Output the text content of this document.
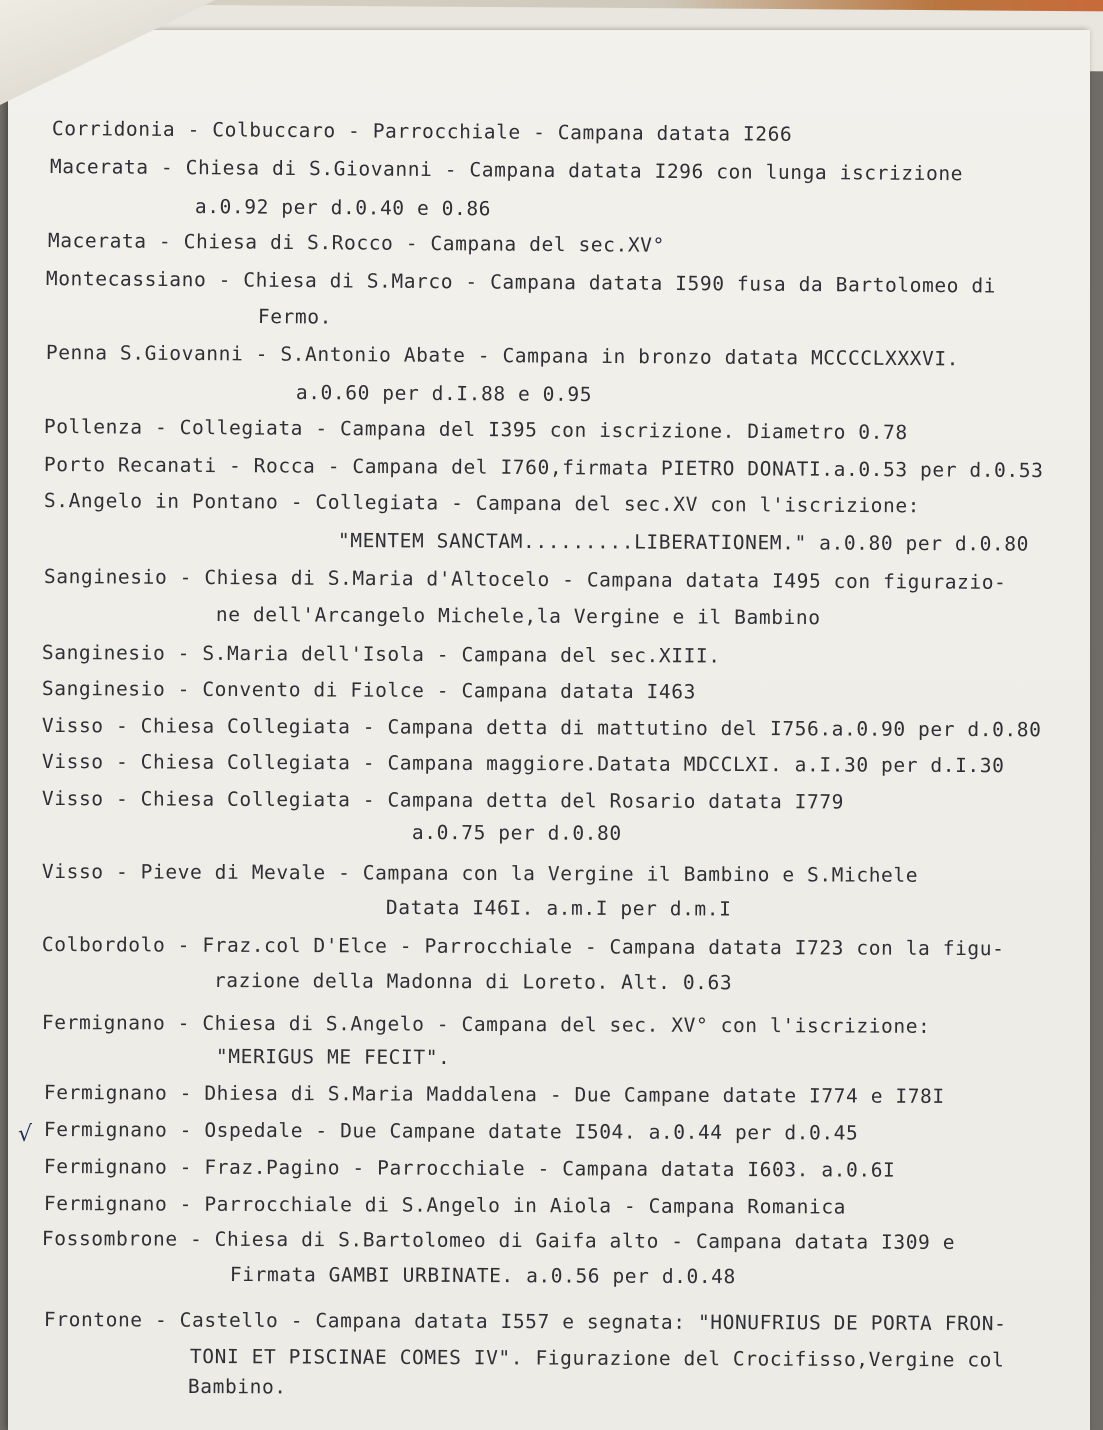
Corridonia - Colbuccaro - Parrocchiale - Campana datata I266
Macerata - Chiesa di S.Giovanni - Campana datata I296 con lunga iscrizione
a.0.92 per d.0.40 e 0.86
Macerata - Chiesa di S.Rocco - Campana del sec.XV°
Montecassiano - Chiesa di S.Marco - Campana datata I590 fusa da Bartolomeo di
Fermo.
Penna S.Giovanni - S.Antonio Abate - Campana in bronzo datata MCCCCLXXXVI.
a.0.60 per d.I.88 e 0.95
Pollenza - Collegiata - Campana del I395 con iscrizione. Diametro 0.78
Porto Recanati - Rocca - Campana del I760,firmata PIETRO DONATI.a.0.53 per d.0.53
S.Angelo in Pontano - Collegiata - Campana del sec.XV con l'iscrizione:
"MENTEM SANCTAM.........LIBERATIONEM." a.0.80 per d.0.80
Sanginesio - Chiesa di S.Maria d'Altocelo - Campana datata I495 con figurazio-
ne dell'Arcangelo Michele,la Vergine e il Bambino
Sanginesio - S.Maria dell'Isola - Campana del sec.XIII.
Sanginesio - Convento di Fiolce - Campana datata I463
Visso - Chiesa Collegiata - Campana detta di mattutino del I756.a.0.90 per d.0.80
Visso - Chiesa Collegiata - Campana maggiore.Datata MDCCLXI. a.I.30 per d.I.30
Visso - Chiesa Collegiata - Campana detta del Rosario datata I779
a.0.75 per d.0.80
Visso - Pieve di Mevale - Campana con la Vergine il Bambino e S.Michele
Datata I46I. a.m.I per d.m.I
Colbordolo - Fraz.col D'Elce - Parrocchiale - Campana datata I723 con la figu-
razione della Madonna di Loreto. Alt. 0.63
Fermignano - Chiesa di S.Angelo - Campana del sec. XV° con l'iscrizione:
"MERIGUS ME FECIT".
Fermignano - Dhiesa di S.Maria Maddalena - Due Campane datate I774 e I78I
Fermignano - Ospedale - Due Campane datate I504. a.0.44 per d.0.45
Fermignano - Fraz.Pagino - Parrocchiale - Campana datata I603. a.0.6I
Fermignano - Parrocchiale di S.Angelo in Aiola - Campana Romanica
Fossombrone - Chiesa di S.Bartolomeo di Gaifa alto - Campana datata I309 e
Firmata GAMBI URBINATE. a.0.56 per d.0.48
Frontone - Castello - Campana datata I557 e segnata: "HONUFRIUS DE PORTA FRON-
TONI ET PISCINAE COMES IV". Figurazione del Crocifisso,Vergine col
Bambino.
√
